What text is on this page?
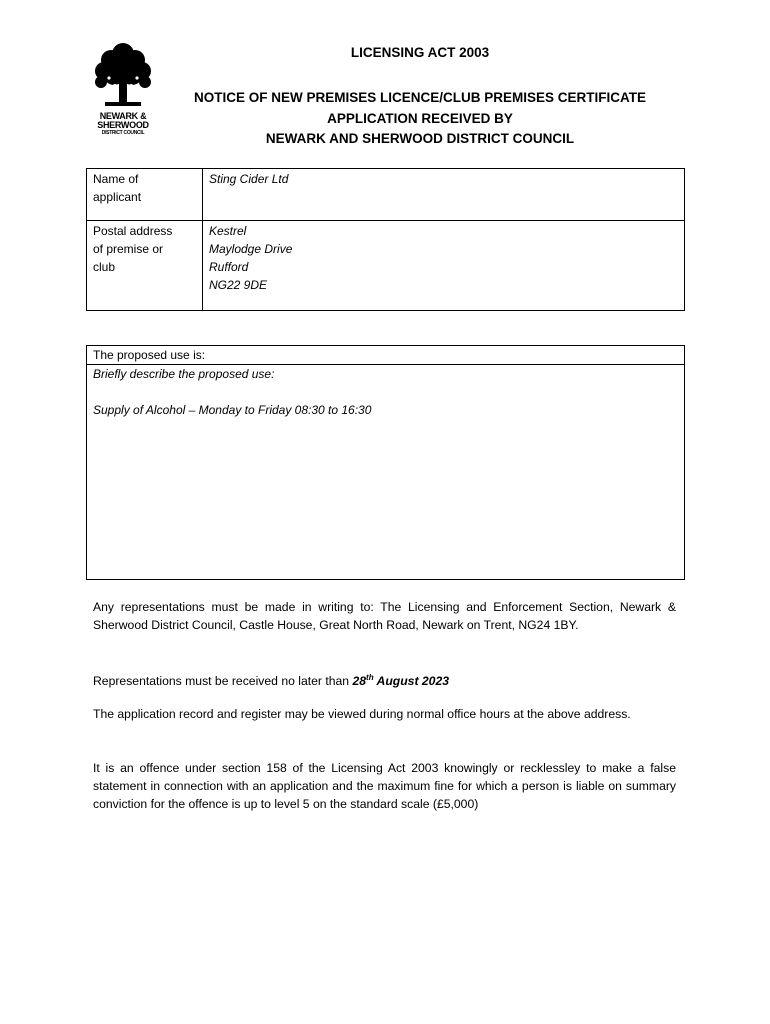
NEWARK &
SHERWOOD
DISTRICT COUNCIL
LICENSING ACT 2003
NOTICE OF NEW PREMISES LICENCE/CLUB PREMISES CERTIFICATE
APPLICATION RECEIVED BY
NEWARK AND SHERWOOD DISTRICT COUNCIL
Name of
applicant	Sting Cider Ltd

Postal address
of premise or
club	Kestrel
Maylodge Drive
Rufford
NG22 9DE
The proposed use is:
Briefly describe the proposed use:
Supply of Alcohol – Monday to Friday 08:30 to 16:30
Any representations must be made in writing to: The Licensing and Enforcement Section, Newark & Sherwood District Council, Castle House, Great North Road, Newark on Trent, NG24 1BY.
Representations must be received no later than 28th August 2023
The application record and register may be viewed during normal office hours at the above address.
It is an offence under section 158 of the Licensing Act 2003 knowingly or recklessley to make a false statement in connection with an application and the maximum fine for which a person is liable on summary conviction for the offence is up to level 5 on the standard scale (£5,000)
